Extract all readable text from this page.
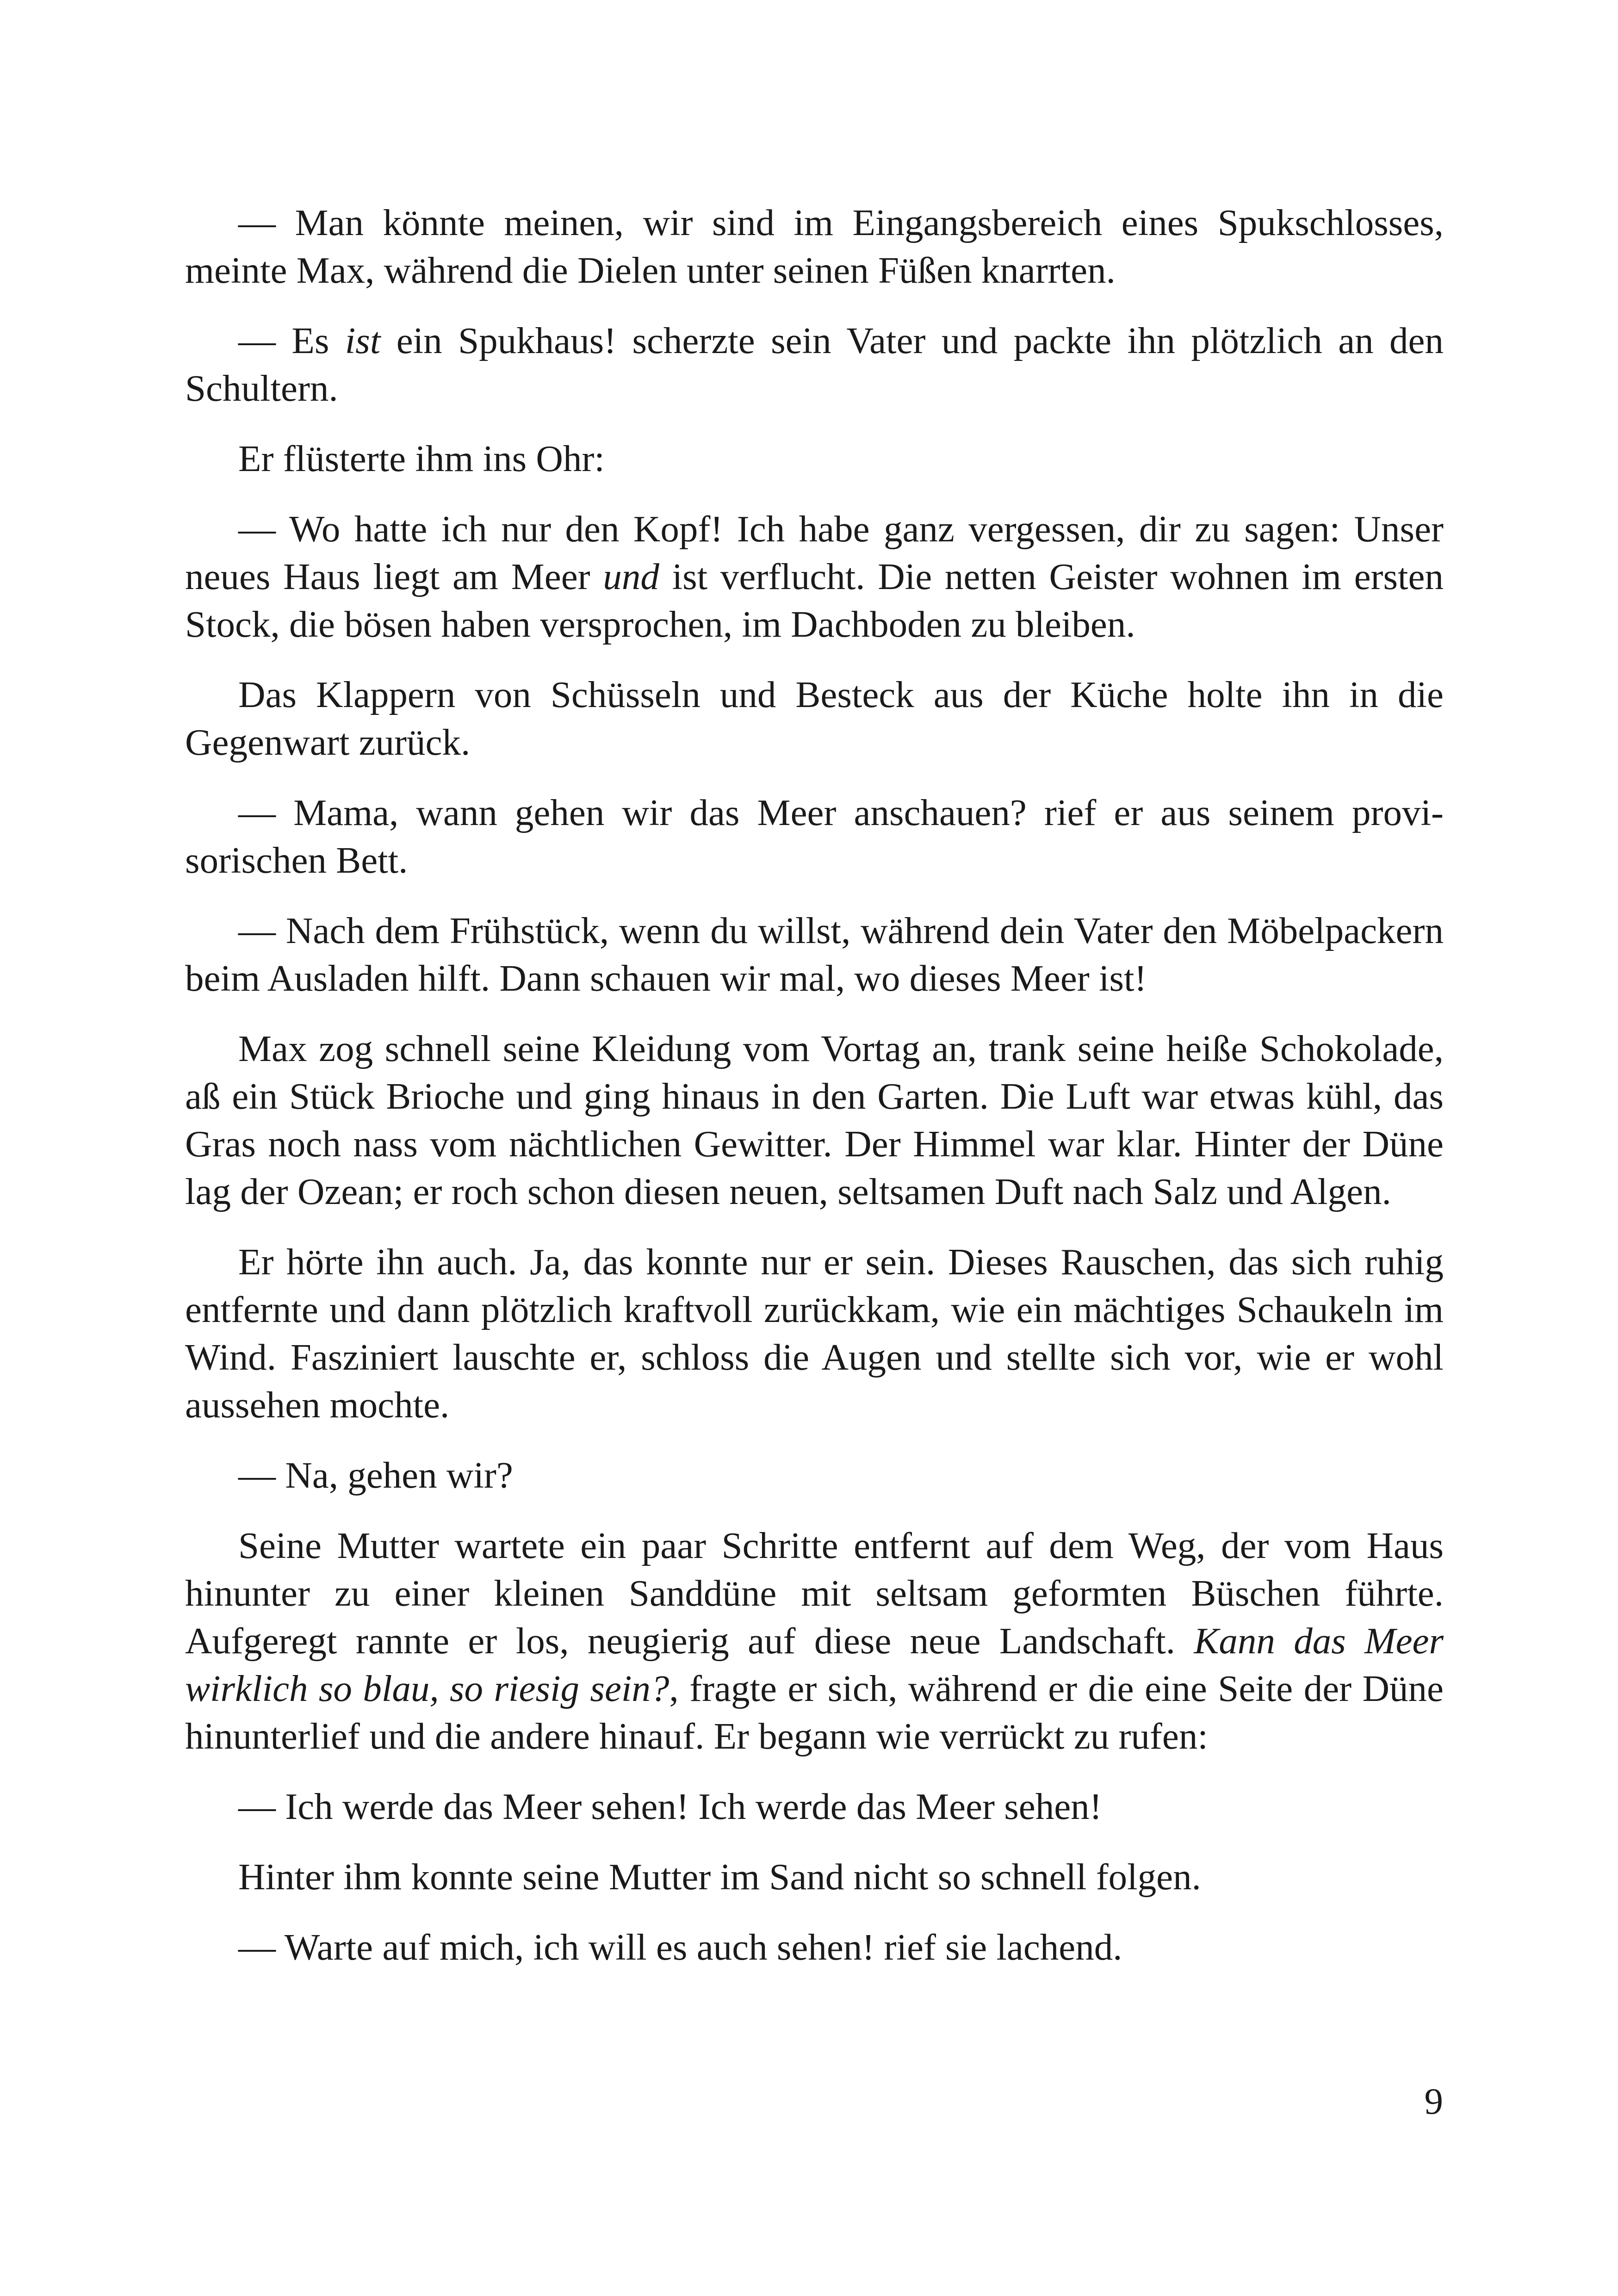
— Man könnte meinen, wir sind im Eingangsbereich eines Spukschlosses, meinte Max, während die Dielen unter seinen Füßen knarrten.

— Es ist ein Spukhaus! scherzte sein Vater und packte ihn plötzlich an den Schultern.

Er flüsterte ihm ins Ohr:

— Wo hatte ich nur den Kopf! Ich habe ganz vergessen, dir zu sagen: Unser neues Haus liegt am Meer und ist verflucht. Die netten Geister wohnen im ersten Stock, die bösen haben versprochen, im Dachboden zu bleiben.

Das Klappern von Schüsseln und Besteck aus der Küche holte ihn in die Gegenwart zurück.

— Mama, wann gehen wir das Meer anschauen? rief er aus seinem provisorischen Bett.

— Nach dem Frühstück, wenn du willst, während dein Vater den Möbelpackern beim Ausladen hilft. Dann schauen wir mal, wo dieses Meer ist!

Max zog schnell seine Kleidung vom Vortag an, trank seine heiße Schokolade, aß ein Stück Brioche und ging hinaus in den Garten. Die Luft war etwas kühl, das Gras noch nass vom nächtlichen Gewitter. Der Himmel war klar. Hinter der Düne lag der Ozean; er roch schon diesen neuen, seltsamen Duft nach Salz und Algen.

Er hörte ihn auch. Ja, das konnte nur er sein. Dieses Rauschen, das sich ruhig entfernte und dann plötzlich kraftvoll zurückkam, wie ein mächtiges Schaukeln im Wind. Fasziniert lauschte er, schloss die Augen und stellte sich vor, wie er wohl aussehen mochte.

— Na, gehen wir?

Seine Mutter wartete ein paar Schritte entfernt auf dem Weg, der vom Haus hinunter zu einer kleinen Sanddüne mit seltsam geformten Büschen führte. Aufgeregt rannte er los, neugierig auf diese neue Landschaft. Kann das Meer wirklich so blau, so riesig sein?, fragte er sich, während er die eine Seite der Düne hinunterlief und die andere hinauf. Er begann wie verrückt zu rufen:

— Ich werde das Meer sehen! Ich werde das Meer sehen!

Hinter ihm konnte seine Mutter im Sand nicht so schnell folgen.

— Warte auf mich, ich will es auch sehen! rief sie lachend.

9
